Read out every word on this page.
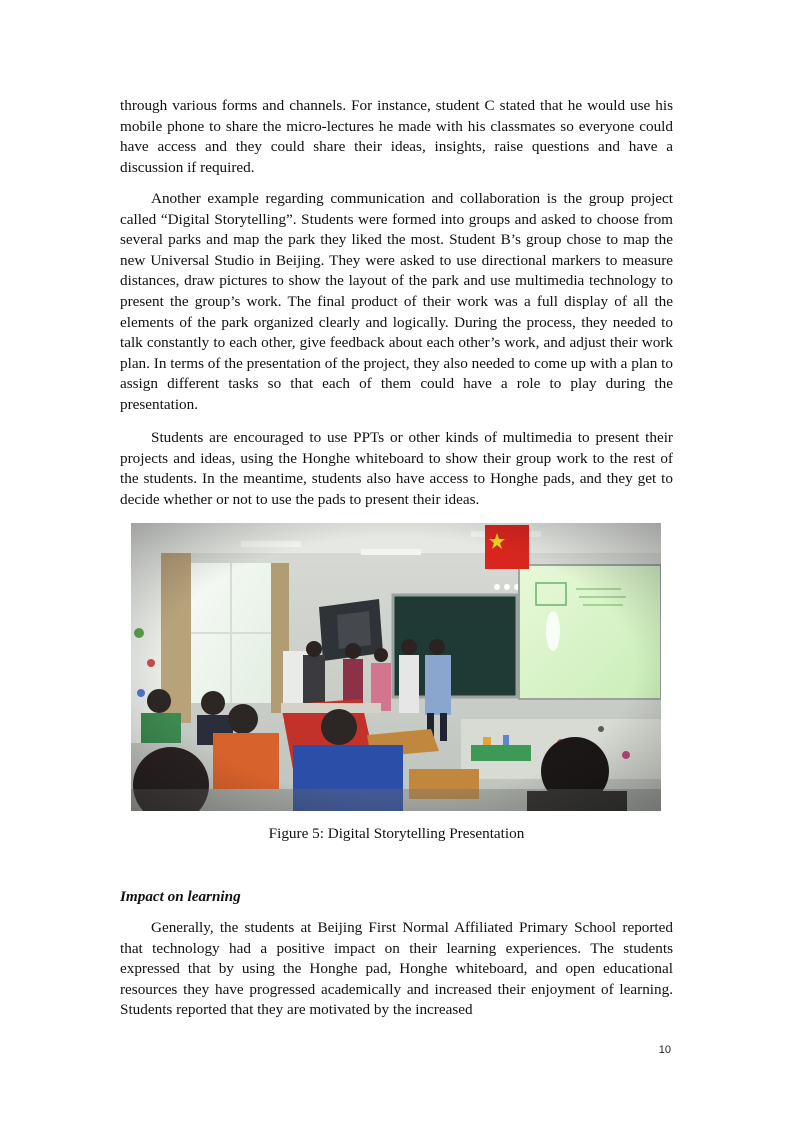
through various forms and channels. For instance, student C stated that he would use his mobile phone to share the micro-lectures he made with his classmates so everyone could have access and they could share their ideas, insights, raise questions and have a discussion if required.

Another example regarding communication and collaboration is the group project called “Digital Storytelling”. Students were formed into groups and asked to choose from several parks and map the park they liked the most. Student B’s group chose to map the new Universal Studio in Beijing. They were asked to use directional markers to measure distances, draw pictures to show the layout of the park and use multimedia technology to present the group’s work. The final product of their work was a full display of all the elements of the park organized clearly and logically. During the process, they needed to talk constantly to each other, give feedback about each other’s work, and adjust their work plan. In terms of the presentation of the project, they also needed to come up with a plan to assign different tasks so that each of them could have a role to play during the presentation.

Students are encouraged to use PPTs or other kinds of multimedia to present their projects and ideas, using the Honghe whiteboard to show their group work to the rest of the students. In the meantime, students also have access to Honghe pads, and they get to decide whether or not to use the pads to present their ideas.

Figure 5: Digital Storytelling Presentation

Impact on learning

Generally, the students at Beijing First Normal Affiliated Primary School reported that technology had a positive impact on their learning experiences. The students expressed that by using the Honghe pad, Honghe whiteboard, and open educational resources they have progressed academically and increased their enjoyment of learning. Students reported that they are motivated by the increased

10
